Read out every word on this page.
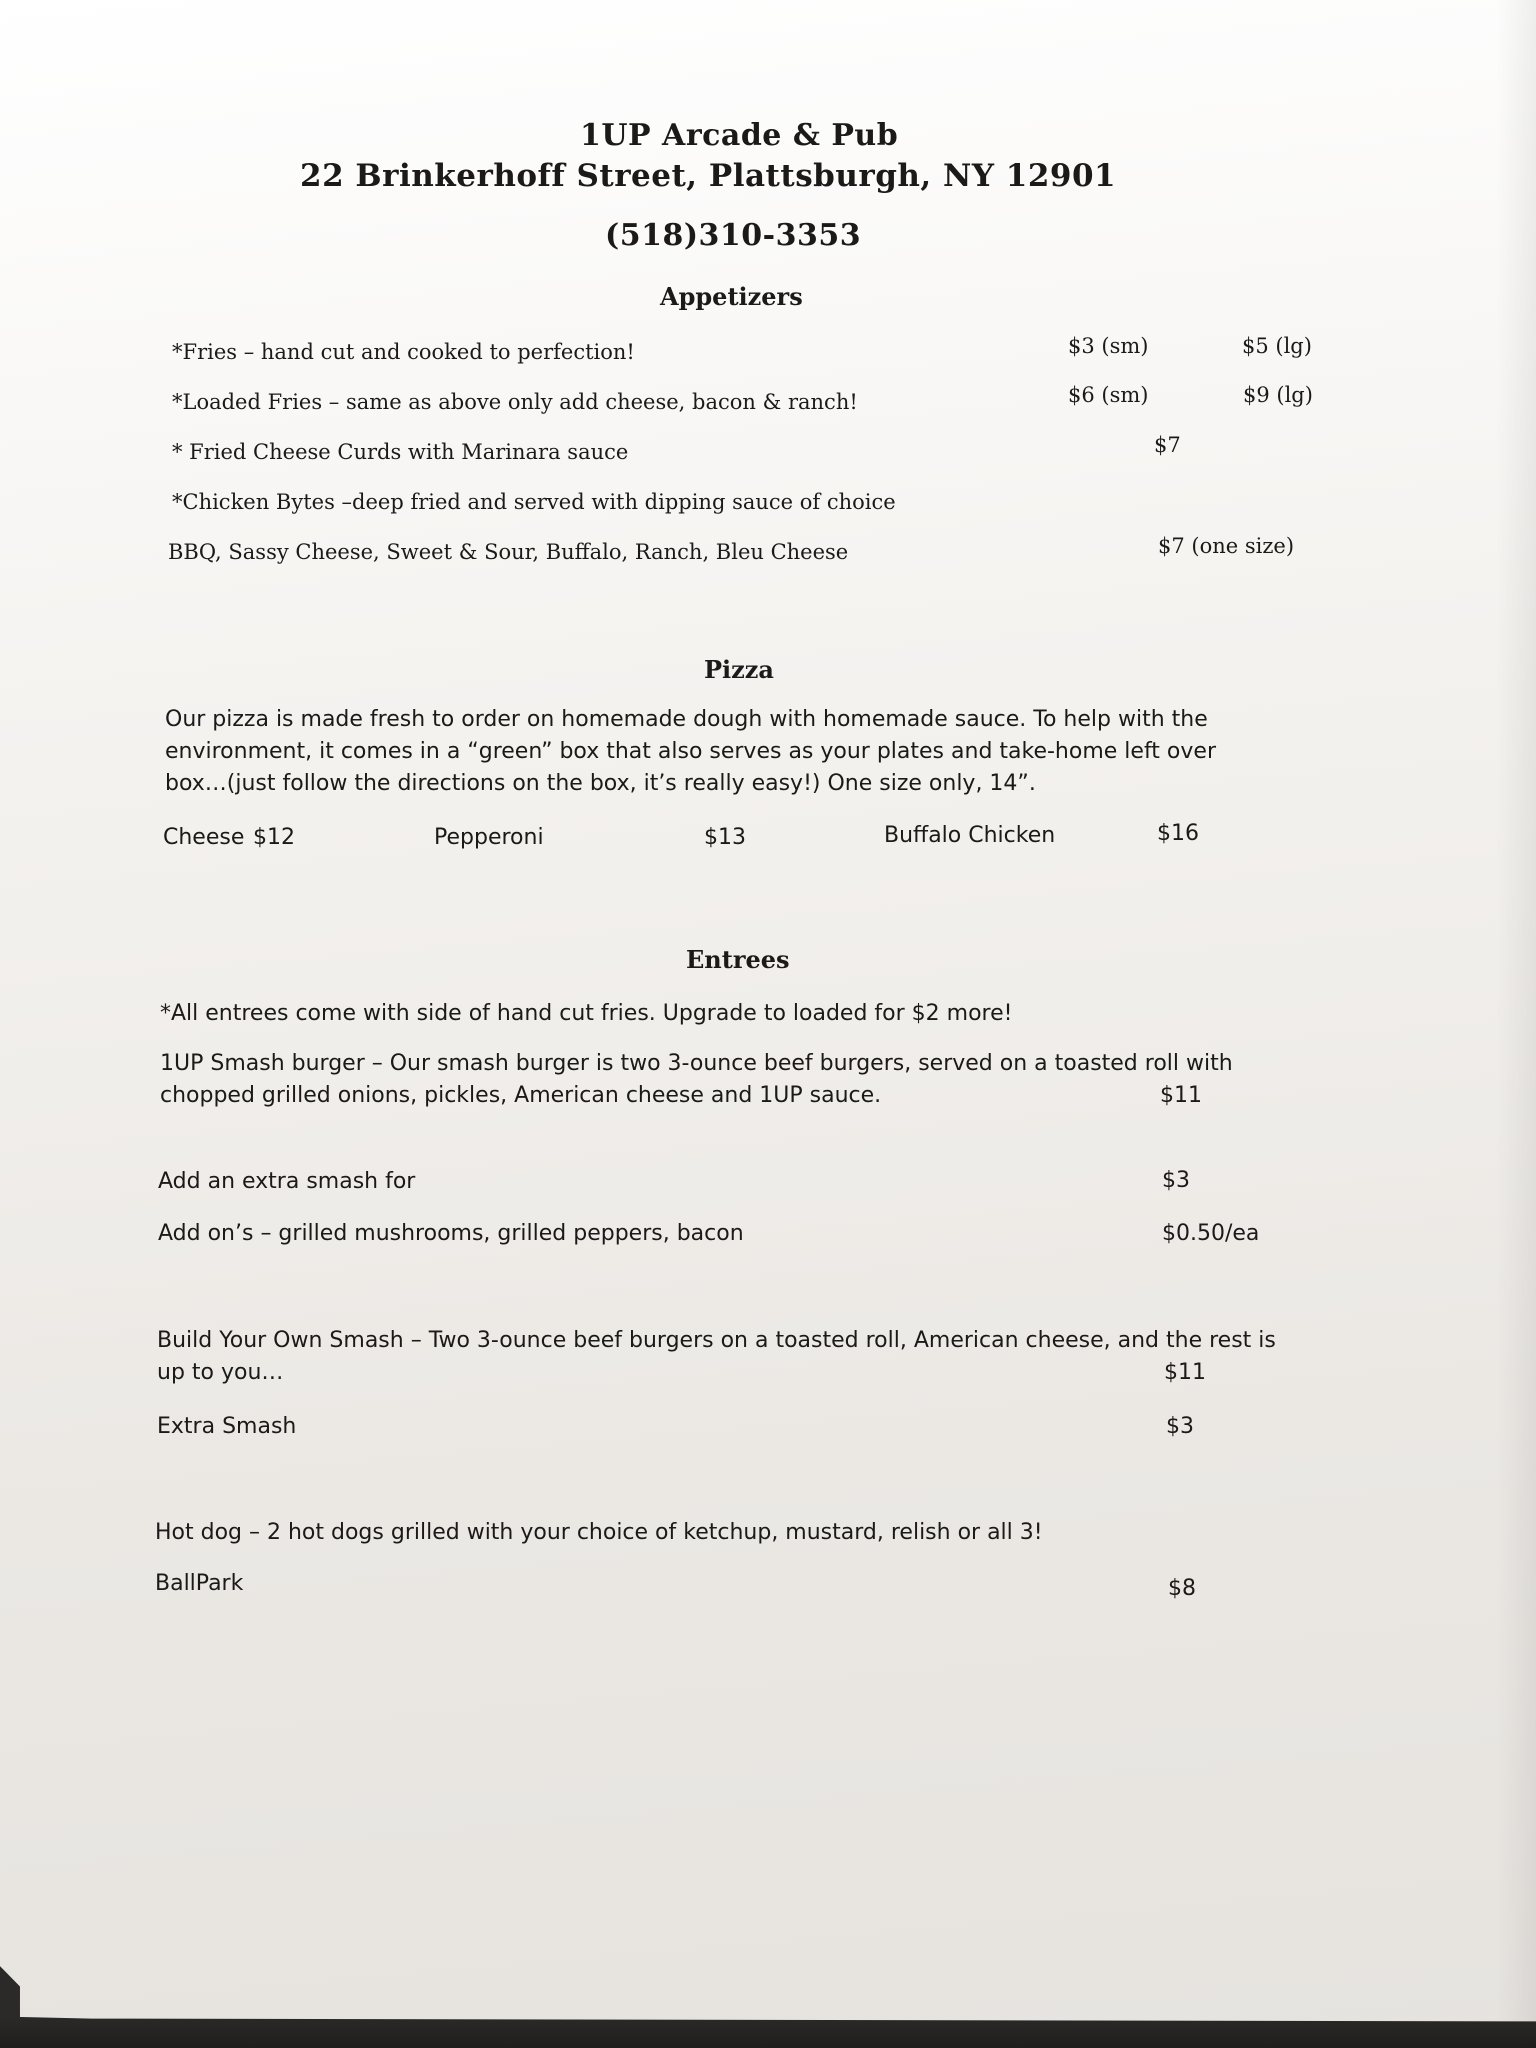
1UP Arcade & Pub
22 Brinkerhoff Street, Plattsburgh, NY 12901
(518)310-3353
Appetizers
*Fries – hand cut and cooked to perfection!	$3 (sm)	$5 (lg)
*Loaded Fries – same as above only add cheese, bacon & ranch!	$6 (sm)	$9 (lg)
* Fried Cheese Curds with Marinara sauce	$7
*Chicken Bytes –deep fried and served with dipping sauce of choice
BBQ, Sassy Cheese, Sweet & Sour, Buffalo, Ranch, Bleu Cheese	$7 (one size)
Pizza
Our pizza is made fresh to order on homemade dough with homemade sauce. To help with the
environment, it comes in a “green” box that also serves as your plates and take-home left over
box…(just follow the directions on the box, it’s really easy!) One size only, 14”.
Cheese $12	Pepperoni	$13	Buffalo Chicken	$16
Entrees
*All entrees come with side of hand cut fries. Upgrade to loaded for $2 more!
1UP Smash burger – Our smash burger is two 3-ounce beef burgers, served on a toasted roll with
chopped grilled onions, pickles, American cheese and 1UP sauce.	$11
Add an extra smash for	$3
Add on’s – grilled mushrooms, grilled peppers, bacon	$0.50/ea
Build Your Own Smash – Two 3-ounce beef burgers on a toasted roll, American cheese, and the rest is
up to you…	$11
Extra Smash	$3
Hot dog – 2 hot dogs grilled with your choice of ketchup, mustard, relish or all 3!
BallPark	$8
